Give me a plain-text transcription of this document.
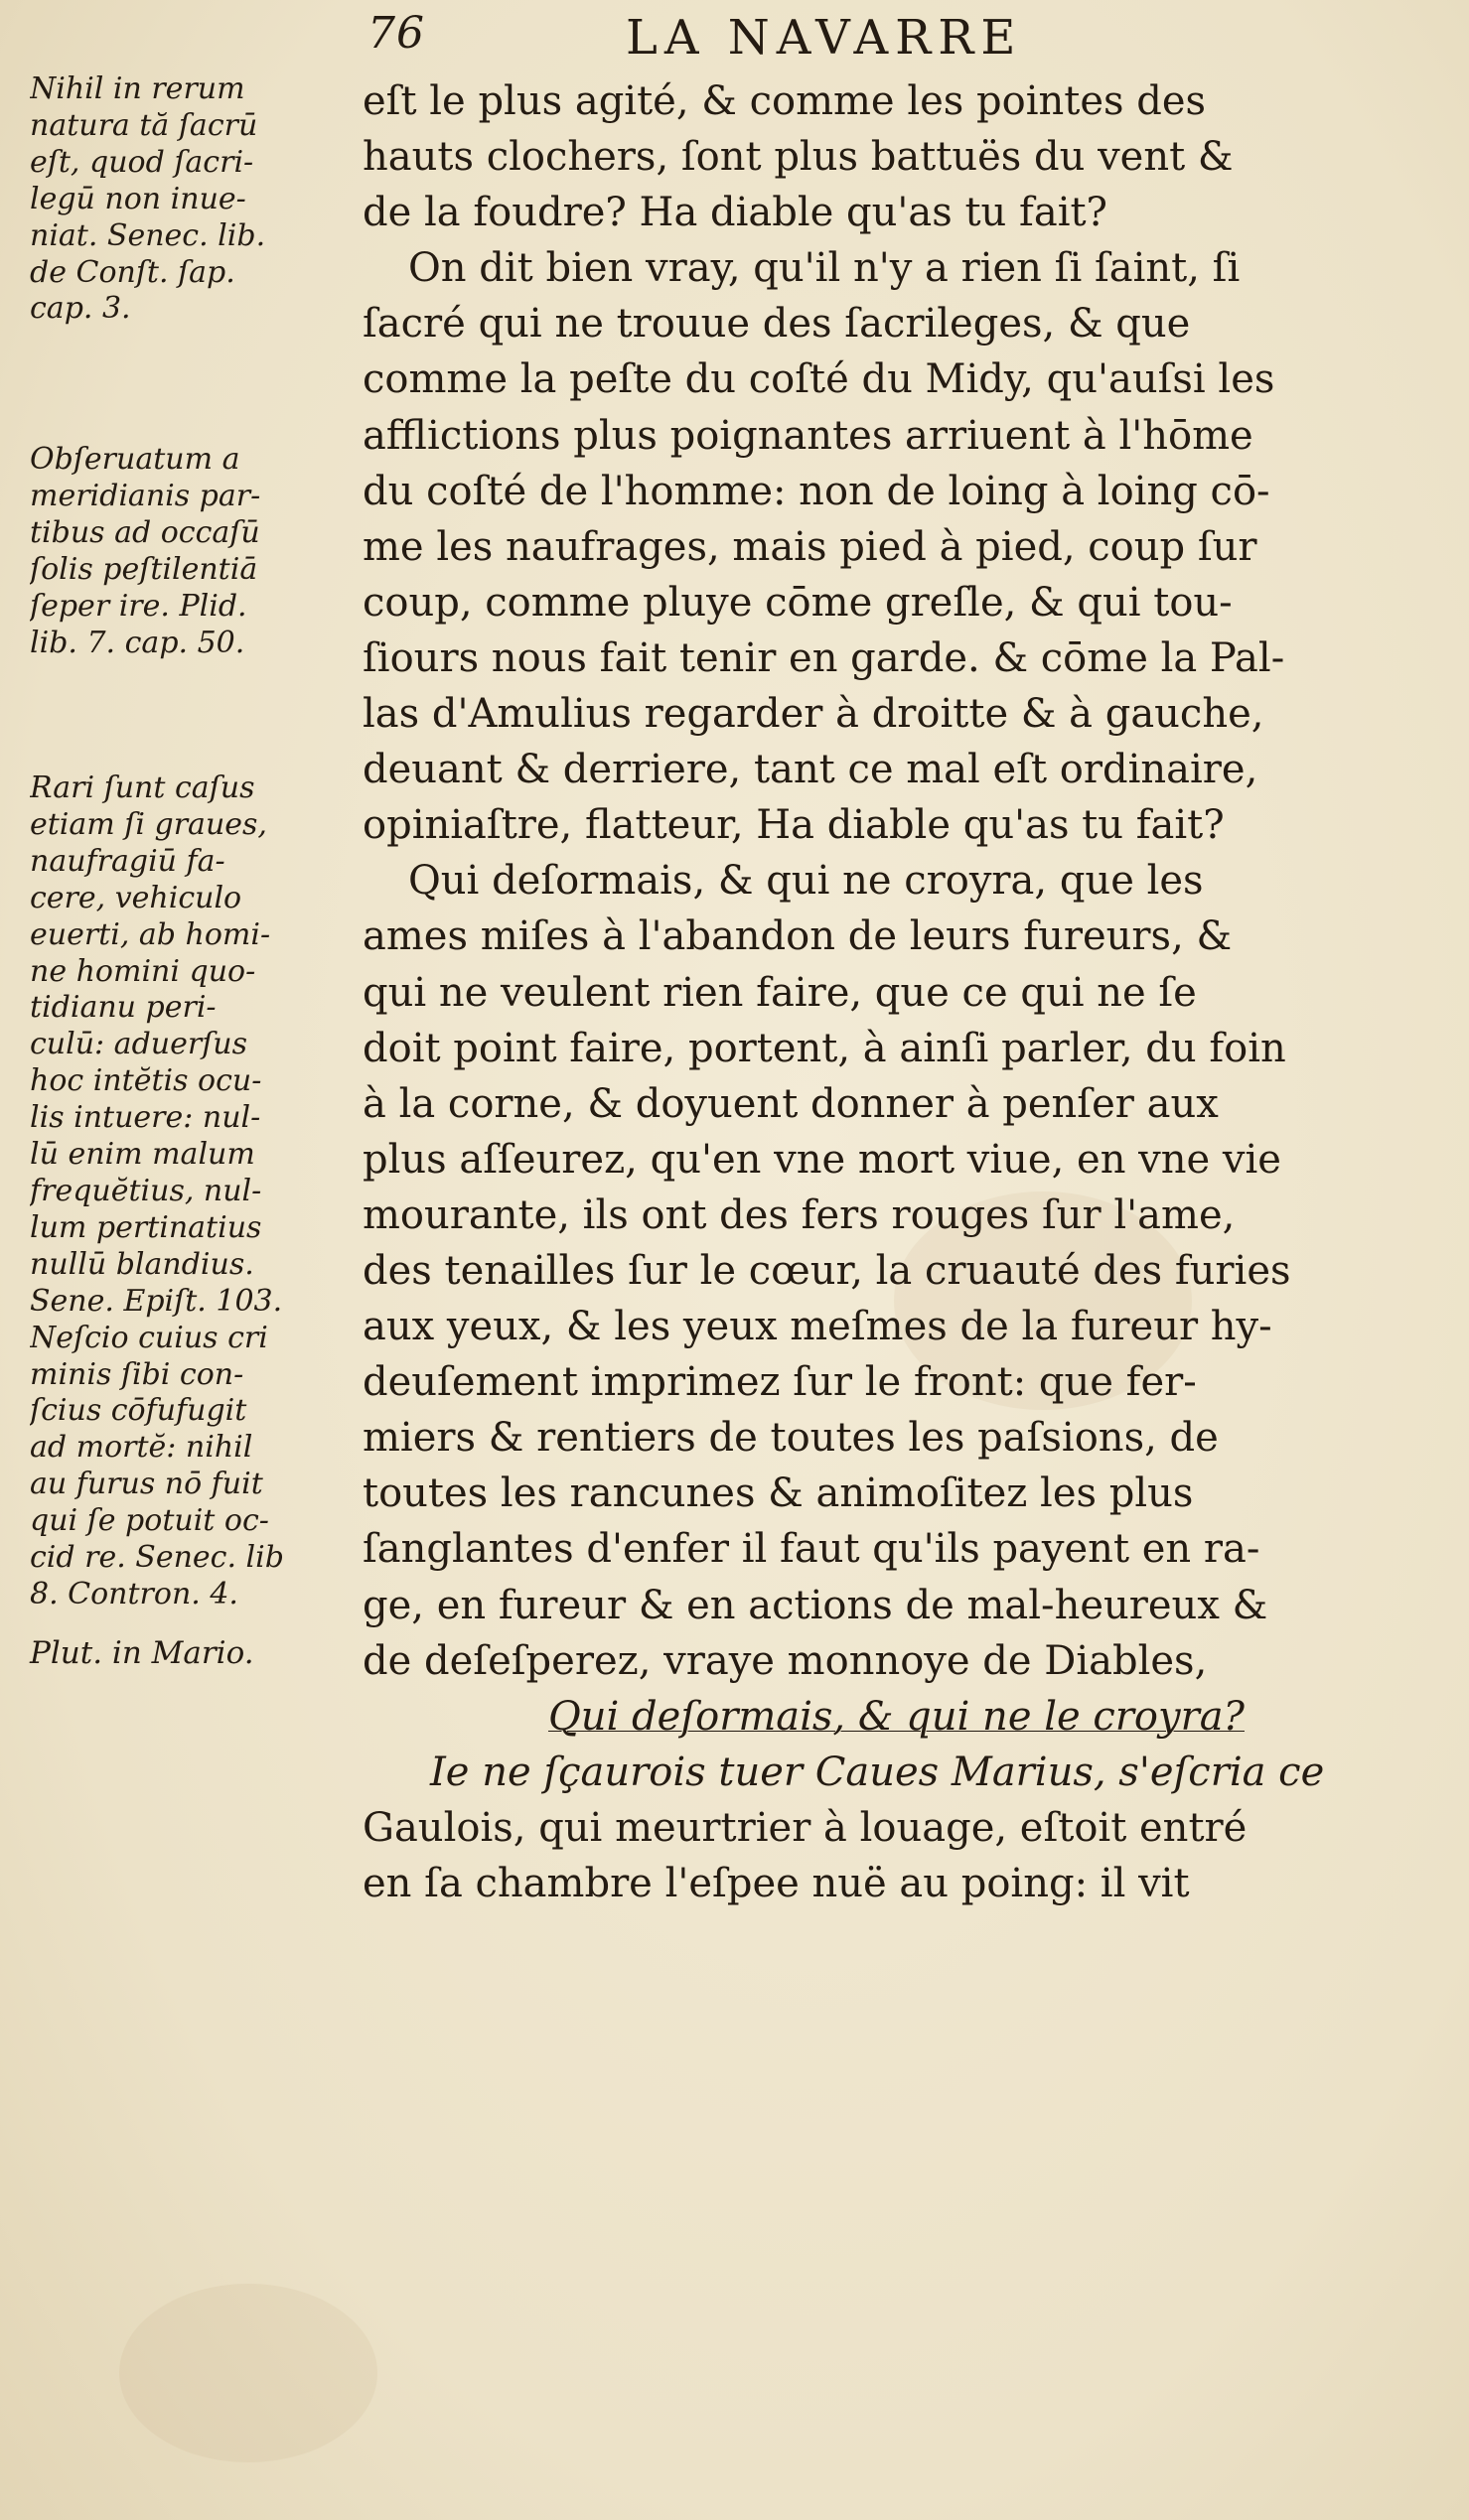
76	LA NAVARRE
Nihil in rerum
natura tă ſacrū
eſt, quod ſacri-
legū non inue-
niat. Senec. lib.
de Conſt. ſap.
cap. 3.
Obſeruatum a
meridianis par-
tibus ad occaſū
ſolis peſtilentiā
ſeper ire. Plid.
lib. 7. cap. 50.
Rari ſunt caſus
etiam ſi graues,
naufragiū fa-
cere, vehiculo
euerti, ab homi-
ne homini quo-
tidianu peri-
culū: aduerſus
hoc intĕtis ocu-
lis intuere: nul-
lū enim malum
frequĕtius, nul-
lum pertinatius
nullū blandius.
Sene. Epiſt. 103.
Neſcio cuius cri
minis ſibi con-
ſcius cōfufugit
ad mortĕ: nihil
au furus nō fuit
qui ſe potuit oc-
cid re. Senec. lib
8. Contron. 4.
Plut. in Mario.
eſt le plus agité, & comme les pointes des
hauts clochers, ſont plus battuës du vent &
de la foudre? Ha diable qu'as tu fait?
On dit bien vray, qu'il n'y a rien ſi ſaint, ſi
ſacré qui ne trouue des ſacrileges, & que
comme la peſte du coſté du Midy, qu'auſsi les
afflictions plus poignantes arriuent à l'hōme
du coſté de l'homme: non de loing à loing cō-
me les naufrages, mais pied à pied, coup ſur
coup, comme pluye cōme greſle, & qui tou-
ſiours nous fait tenir en garde. & cōme la Pal-
las d'Amulius regarder à droitte & à gauche,
deuant & derriere, tant ce mal eſt ordinaire,
opiniaſtre, flatteur, Ha diable qu'as tu fait?
Qui deſormais, & qui ne croyra, que les
ames miſes à l'abandon de leurs fureurs, &
qui ne veulent rien faire, que ce qui ne ſe
doit point faire, portent, à ainſi parler, du foin
à la corne, & doyuent donner à penſer aux
plus aſſeurez, qu'en vne mort viue, en vne vie
mourante, ils ont des fers rouges ſur l'ame,
des tenailles ſur le cœur, la cruauté des furies
aux yeux, & les yeux meſmes de la fureur hy-
deuſement imprimez ſur le front: que fer-
miers & rentiers de toutes les paſsions, de
toutes les rancunes & animoſitez les plus
ſanglantes d'enfer il faut qu'ils payent en ra-
ge, en fureur & en actions de mal-heureux &
de deſeſperez, vraye monnoye de Diables,
Qui deſormais, & qui ne le croyra?
Ie ne ſçaurois tuer Caues Marius, s'eſcria ce
Gaulois, qui meurtrier à louage, eſtoit entré
en ſa chambre l'eſpee nuë au poing: il vit
